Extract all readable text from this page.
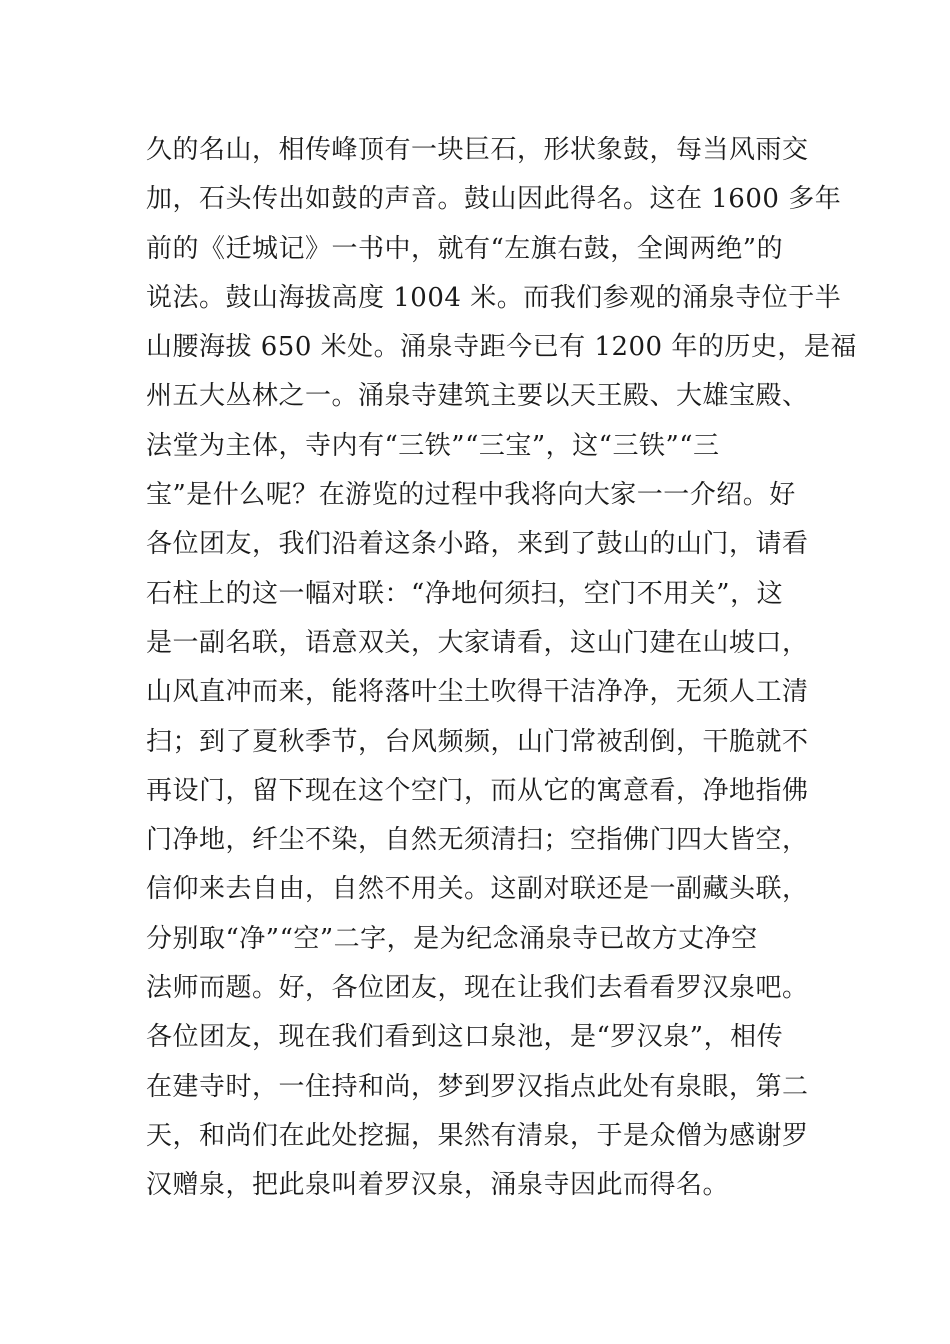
久的名山，相传峰顶有一块巨石，形状象鼓，每当风雨交
加，石头传出如鼓的声音。鼓山因此得名。这在 1600 多年
前的《迁城记》一书中，就有“左旗右鼓，全闽两绝”的
说法。鼓山海拔高度 1004 米。而我们参观的涌泉寺位于半
山腰海拔 650 米处。涌泉寺距今已有 1200 年的历史，是福
州五大丛林之一。涌泉寺建筑主要以天王殿、大雄宝殿、
法堂为主体，寺内有“三铁”“三宝”，这“三铁”“三
宝”是什么呢？在游览的过程中我将向大家一一介绍。好
各位团友，我们沿着这条小路，来到了鼓山的山门，请看
石柱上的这一幅对联：“净地何须扫，空门不用关”，这
是一副名联，语意双关，大家请看，这山门建在山坡口，
山风直冲而来，能将落叶尘土吹得干洁净净，无须人工清
扫；到了夏秋季节，台风频频，山门常被刮倒，干脆就不
再设门，留下现在这个空门，而从它的寓意看，净地指佛
门净地，纤尘不染，自然无须清扫；空指佛门四大皆空，
信仰来去自由，自然不用关。这副对联还是一副藏头联，
分别取“净”“空”二字，是为纪念涌泉寺已故方丈净空
法师而题。好，各位团友，现在让我们去看看罗汉泉吧。
各位团友，现在我们看到这口泉池，是“罗汉泉”，相传
在建寺时，一住持和尚，梦到罗汉指点此处有泉眼，第二
天，和尚们在此处挖掘，果然有清泉，于是众僧为感谢罗
汉赠泉，把此泉叫着罗汉泉，涌泉寺因此而得名。
